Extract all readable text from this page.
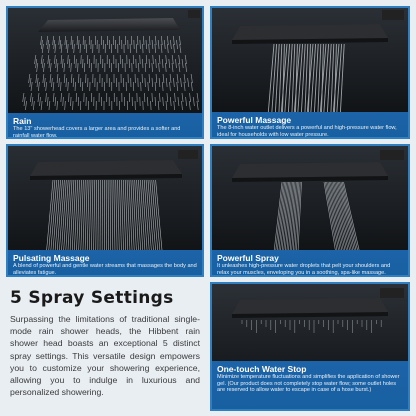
Rain
The 13" showerhead covers a larger area and provides a softer and rainfall water flow.
Powerful Massage
The 8-inch water outlet delivers a powerful and high-pressure water flow, ideal for households with low water pressure.
Pulsating Massage
A blend of powerful and gentle water streams that massages the body and alleviates fatigue.
Powerful Spray
It unleashes high-pressure water droplets that pelt your shoulders and relax your muscles, enveloping you in a soothing, spa-like massage.
One-touch Water Stop
Minimize temperature fluctuations and simplifies the application of shower gel. (Our product does not completely stop water flow; some outlet holes are reserved to allow water to escape in case of a hose burst.)
5 Spray Settings
Surpassing the limitations of traditional single-mode rain shower heads, the Hibbent rain shower head boasts an exceptional 5 distinct spray settings. This versatile design empowers you to customize your showering experience, allowing you to indulge in luxurious and personalized showering.
